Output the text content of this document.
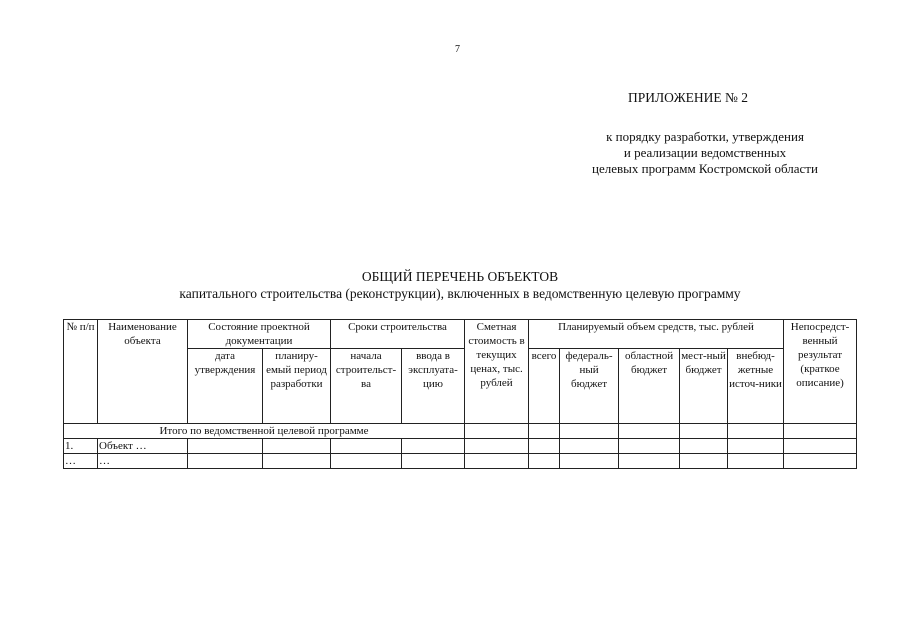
7
ПРИЛОЖЕНИЕ № 2
к порядку разработки, утверждения
и реализации ведомственных
целевых программ Костромской области
ОБЩИЙ ПЕРЕЧЕНЬ ОБЪЕКТОВ
капитального строительства (реконструкции), включенных в ведомственную целевую программу
№ п/п	Наименование объекта	Состояние проектной документации		Сроки строительства		Сметная стоимость в текущих ценах, тыс. рублей	Планируемый объем средств, тыс. рублей					Непосредст-венный результат (краткое описание)
		дата утверждения	планиру-емый период разработки	начала строительст-ва	ввода в эксплуата-цию		всего	федераль-ный бюджет	областной бюджет	мест-ный бюджет	внебюд-жетные источ-ники	
Итого по ведомственной целевой программе												
1.	Объект …											
…	…											
